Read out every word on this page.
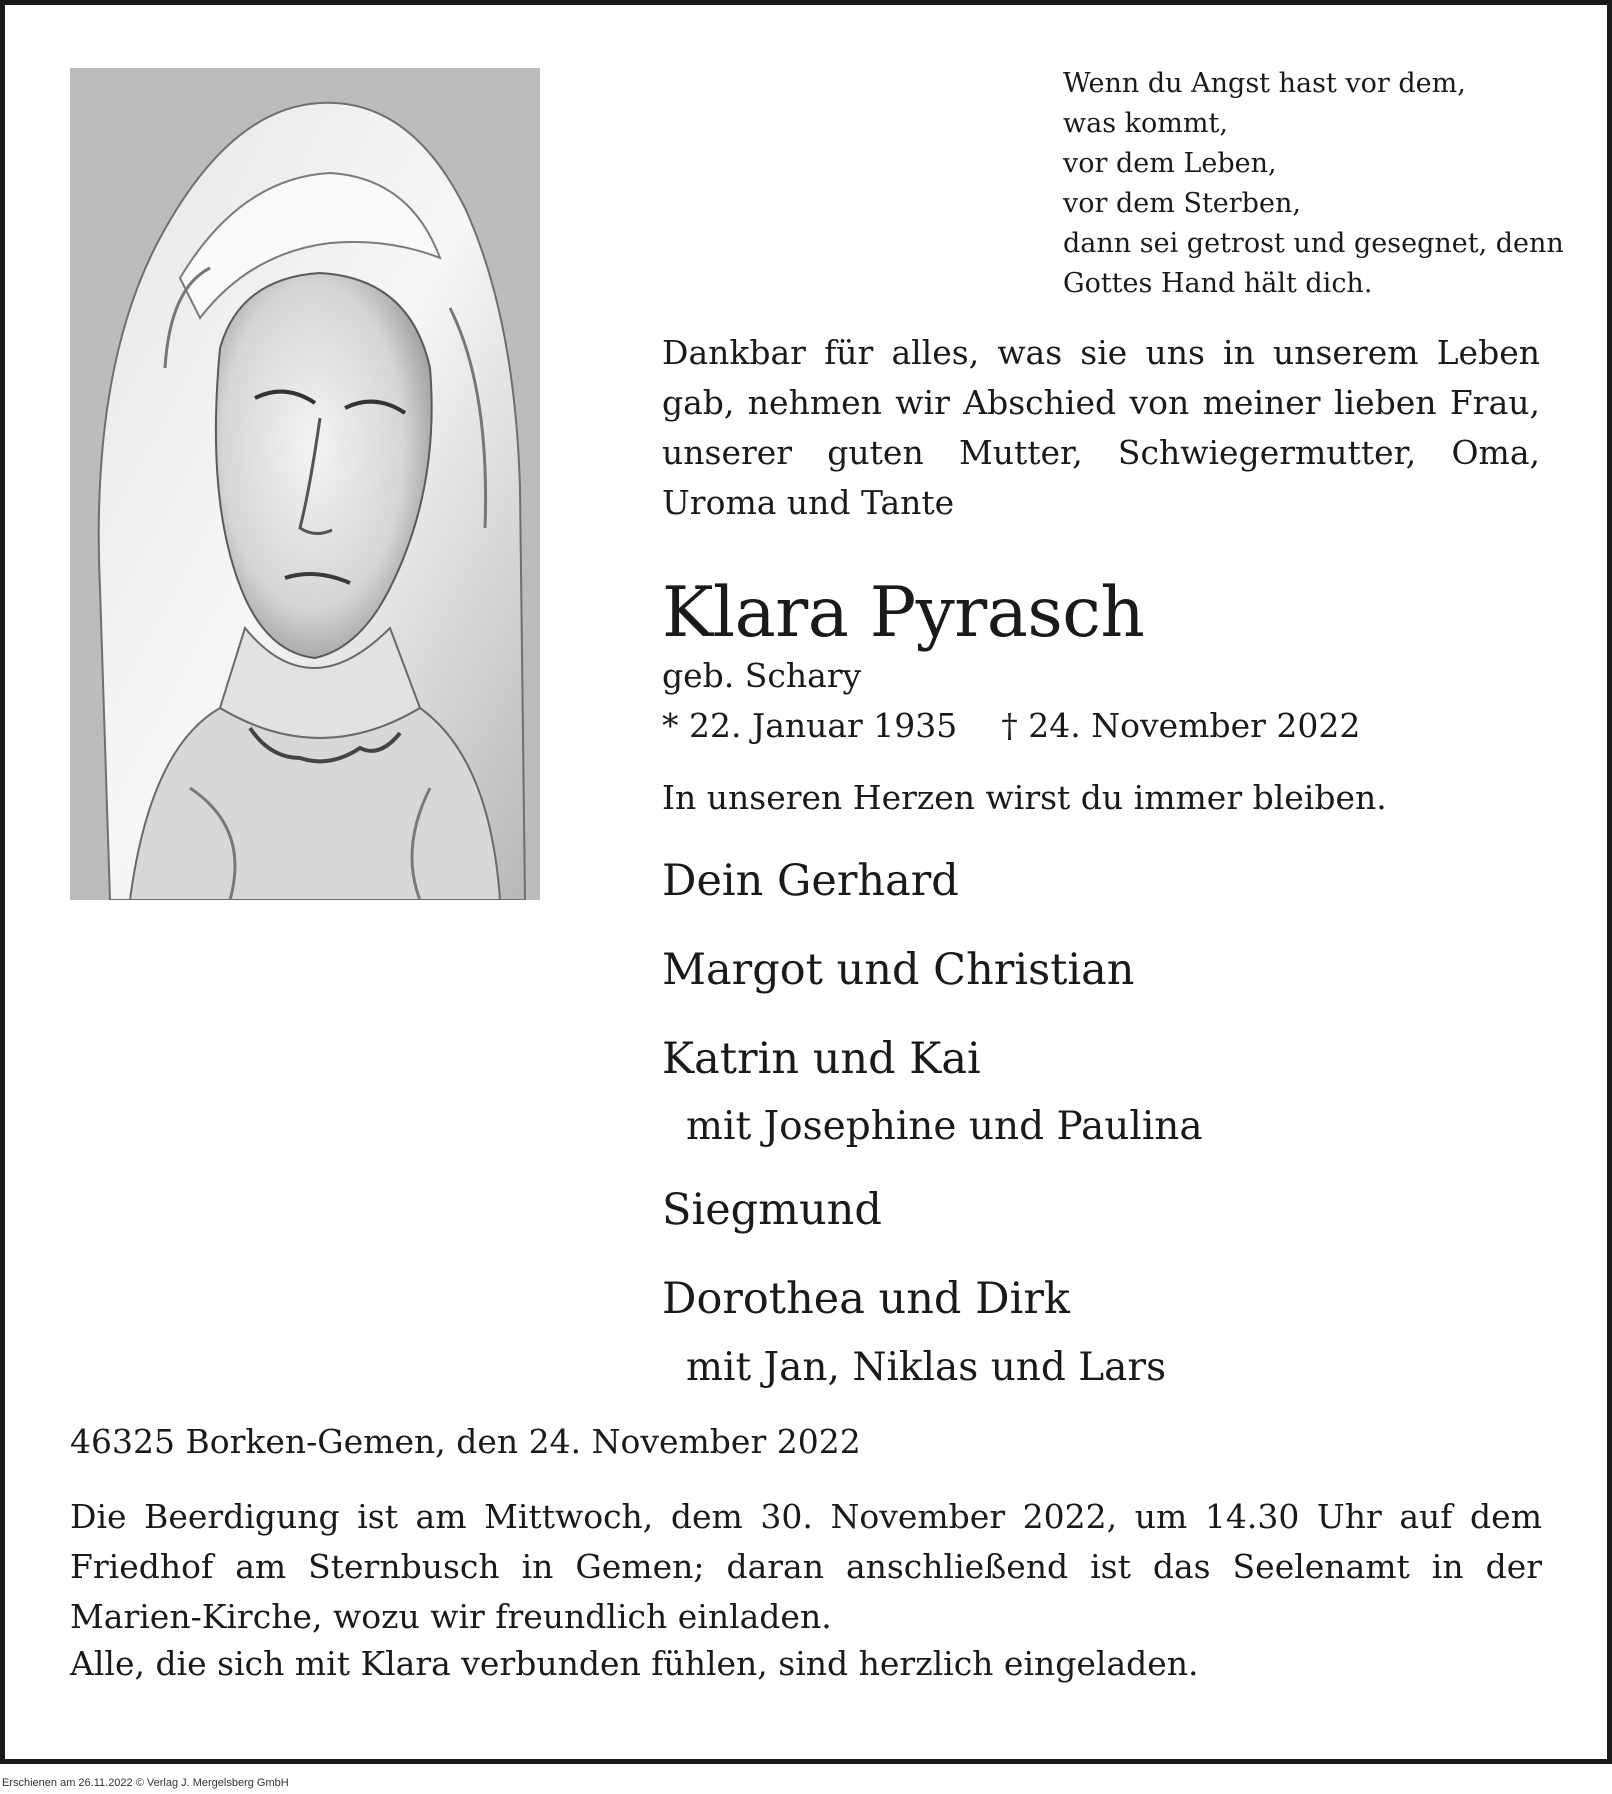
Wenn du Angst hast vor dem,
was kommt,
vor dem Leben,
vor dem Sterben,
dann sei getrost und gesegnet, denn
Gottes Hand hält dich.
Dankbar für alles, was sie uns in unserem Leben gab, nehmen wir Abschied von meiner lieben Frau, unserer guten Mutter, Schwiegermutter, Oma, Uroma und Tante
Klara Pyrasch
geb. Schary
* 22. Januar 1935 † 24. November 2022
In unseren Herzen wirst du immer bleiben.
Dein Gerhard
Margot und Christian
Katrin und Kai
mit Josephine und Paulina
Siegmund
Dorothea und Dirk
mit Jan, Niklas und Lars
46325 Borken-Gemen, den 24. November 2022
Die Beerdigung ist am Mittwoch, dem 30. November 2022, um 14.30 Uhr auf dem Friedhof am Sternbusch in Gemen; daran anschließend ist das Seelenamt in der Marien-Kirche, wozu wir freundlich einladen.
Alle, die sich mit Klara verbunden fühlen, sind herzlich eingeladen.
Erschienen am 26.11.2022 © Verlag J. Mergelsberg GmbH
